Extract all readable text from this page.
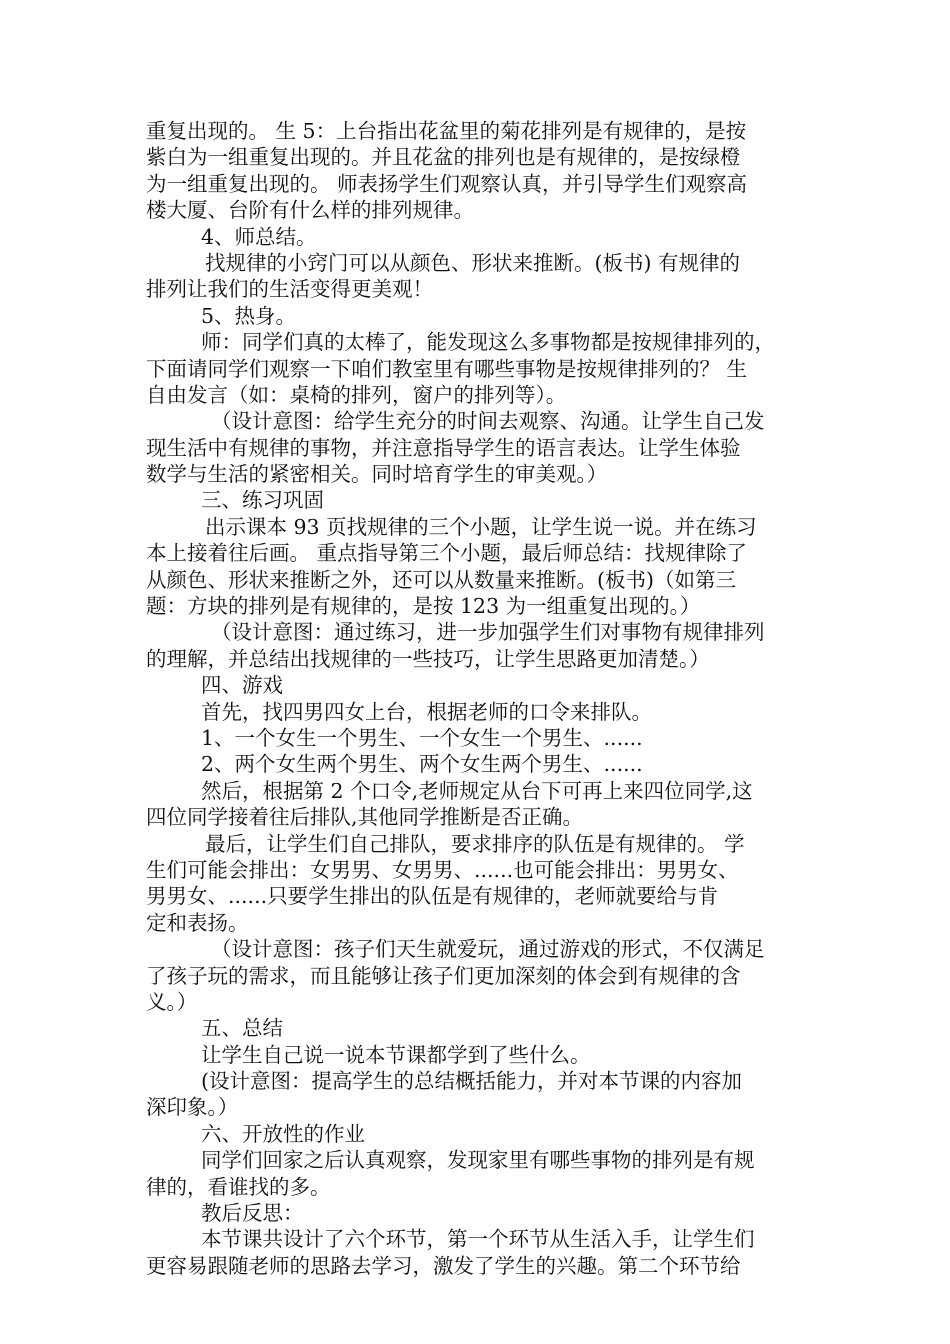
重复出现的。 生 5：上台指出花盆里的菊花排列是有规律的，是按
紫白为一组重复出现的。并且花盆的排列也是有规律的，是按绿橙
为一组重复出现的。 师表扬学生们观察认真，并引导学生们观察高
楼大厦、台阶有什么样的排列规律。
4、师总结。
找规律的小窍门可以从颜色、形状来推断。(板书) 有规律的
排列让我们的生活变得更美观！
5、热身。
师：同学们真的太棒了，能发现这么多事物都是按规律排列的，
下面请同学们观察一下咱们教室里有哪些事物是按规律排列的？ 生
自由发言（如：桌椅的排列，窗户的排列等）。
（设计意图：给学生充分的时间去观察、沟通。让学生自己发
现生活中有规律的事物，并注意指导学生的语言表达。让学生体验
数学与生活的紧密相关。同时培育学生的审美观。）
三、练习巩固
出示课本 93 页找规律的三个小题，让学生说一说。并在练习
本上接着往后画。 重点指导第三个小题，最后师总结：找规律除了
从颜色、形状来推断之外，还可以从数量来推断。(板书)（如第三
题：方块的排列是有规律的，是按 123 为一组重复出现的。）
（设计意图：通过练习，进一步加强学生们对事物有规律排列
的理解，并总结出找规律的一些技巧，让学生思路更加清楚。）
四、游戏
首先，找四男四女上台，根据老师的口令来排队。
1、一个女生一个男生、一个女生一个男生、......
2、两个女生两个男生、两个女生两个男生、......
然后，根据第 2 个口令,老师规定从台下可再上来四位同学,这
四位同学接着往后排队,其他同学推断是否正确。
最后，让学生们自己排队，要求排序的队伍是有规律的。 学
生们可能会排出：女男男、女男男、......也可能会排出：男男女、
男男女、......只要学生排出的队伍是有规律的，老师就要给与肯
定和表扬。
（设计意图：孩子们天生就爱玩，通过游戏的形式，不仅满足
了孩子玩的需求，而且能够让孩子们更加深刻的体会到有规律的含
义。）
五、总结
让学生自己说一说本节课都学到了些什么。
(设计意图：提高学生的总结概括能力，并对本节课的内容加
深印象。）
六、开放性的作业
同学们回家之后认真观察，发现家里有哪些事物的排列是有规
律的，看谁找的多。
教后反思：
本节课共设计了六个环节，第一个环节从生活入手，让学生们
更容易跟随老师的思路去学习，激发了学生的兴趣。第二个环节给
